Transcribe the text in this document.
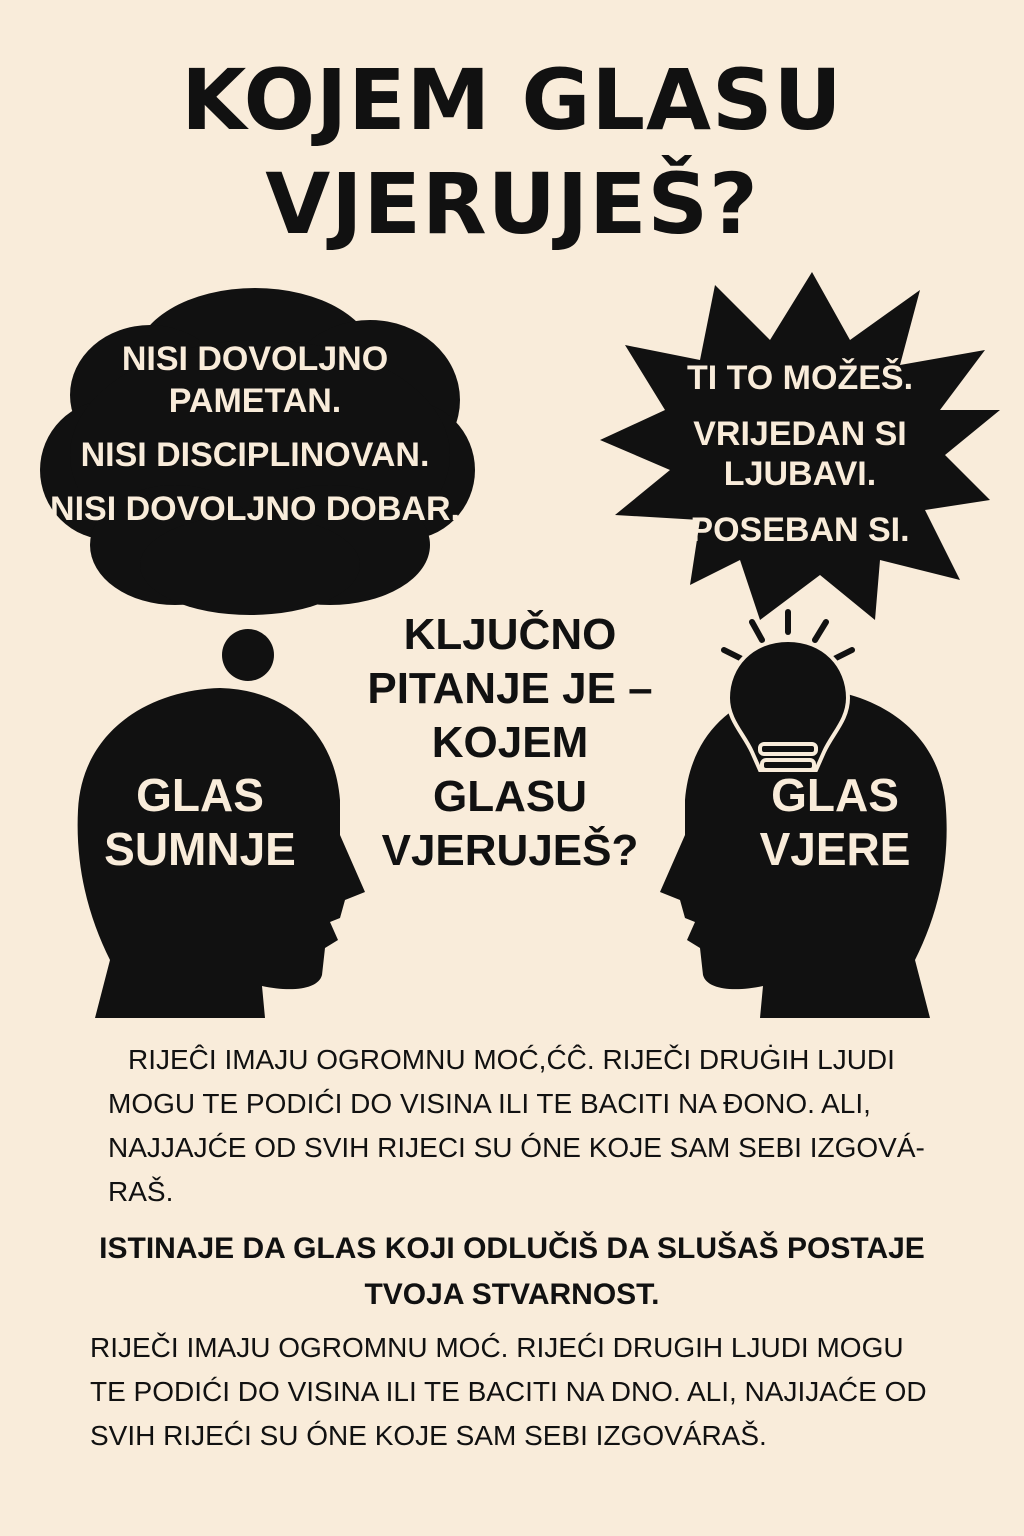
KOJEM GLASU
VJERUJEŠ?

NISI DOVOLJNO PAMETAN.

NISI DISCIPLINOVAN.

NISI DOVOLJNO DOBAR.

TI TO MOŽEŠ.

VRIJEDAN SI LJUBAVI.

POSEBAN SI.

GLAS
SUMNJE
GLAS
VJERE
KLJUČNO PITANJE JE – KOJEM GLASU VJERUJEŠ?
RIJEĈI IMAJU OGROMNU MOĆ,ĆĈ. RIJEČI DRUĠIH LJUDI MOGU TE PODIĆI DO VISINA ILI TE BACITI NA ĐONO. ALI, NAJJAJĆE OD SVIH RIJECI SU ÓNE KOJE SAM SEBI IZGOVÁ-RAŠ.
ISTINAJE DA GLAS KOJI ODLUČIŠ DA SLUŠAŠ POSTAJE TVOJA STVARNOST.
RIJEČI IMAJU OGROMNU MOĆ. RIJEĆI DRUGIH LJUDI MOGU TE PODIĆI DO VISINA ILI TE BACITI NA DNO. ALI, NAJIJAĆE OD SVIH RIJEĆI SU ÓNE KOJE SAM SEBI IZGOVÁRAŠ.
